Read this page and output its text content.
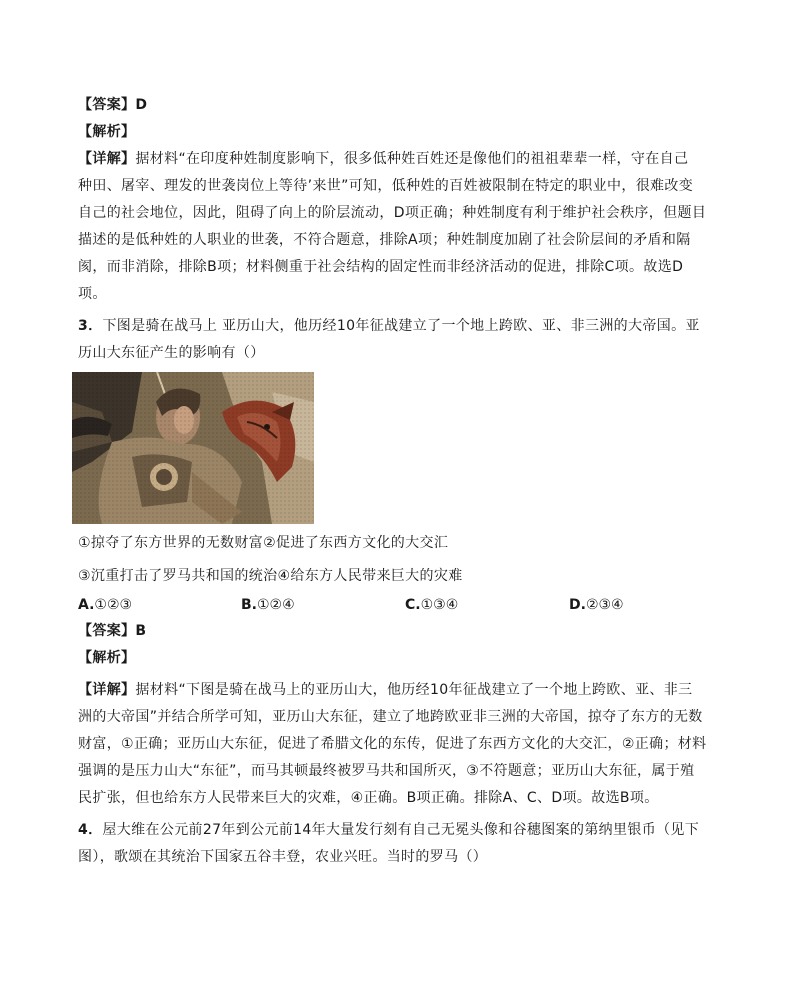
【答案】D

【解析】

【详解】据材料“在印度种姓制度影响下，很多低种姓百姓还是像他们的祖祖辈辈一样，守在自己

种田、屠宰、理发的世袭岗位上等待’来世”可知，低种姓的百姓被限制在特定的职业中，很难改变

自己的社会地位，因此，阻碍了向上的阶层流动，D项正确；种姓制度有利于维护社会秩序，但题目

描述的是低种姓的人职业的世袭，不符合题意，排除A项；种姓制度加剧了社会阶层间的矛盾和隔

阂，而非消除，排除B项；材料侧重于社会结构的固定性而非经济活动的促进，排除C项。故选D

项。

3．下图是骑在战马上 亚历山大，他历经10年征战建立了一个地上跨欧、亚、非三洲的大帝国。亚

历山大东征产生的影响有（）

①掠夺了东方世界的无数财富②促进了东西方文化的大交汇

③沉重打击了罗马共和国的统治④给东方人民带来巨大的灾难

A.①②③	B.①②④	C.①③④	D.②③④

【答案】B

【解析】

【详解】据材料“下图是骑在战马上的亚历山大，他历经10年征战建立了一个地上跨欧、亚、非三

洲的大帝国”并结合所学可知，亚历山大东征，建立了地跨欧亚非三洲的大帝国，掠夺了东方的无数

财富，①正确；亚历山大东征，促进了希腊文化的东传，促进了东西方文化的大交汇，②正确；材料

强调的是压力山大“东征”，而马其顿最终被罗马共和国所灭，③不符题意；亚历山大东征，属于殖

民扩张，但也给东方人民带来巨大的灾难，④正确。B项正确。排除A、C、D项。故选B项。

4．屋大维在公元前27年到公元前14年大量发行刻有自己无冕头像和谷穗图案的第纳里银币（见下

图），歌颂在其统治下国家五谷丰登，农业兴旺。当时的罗马（）
